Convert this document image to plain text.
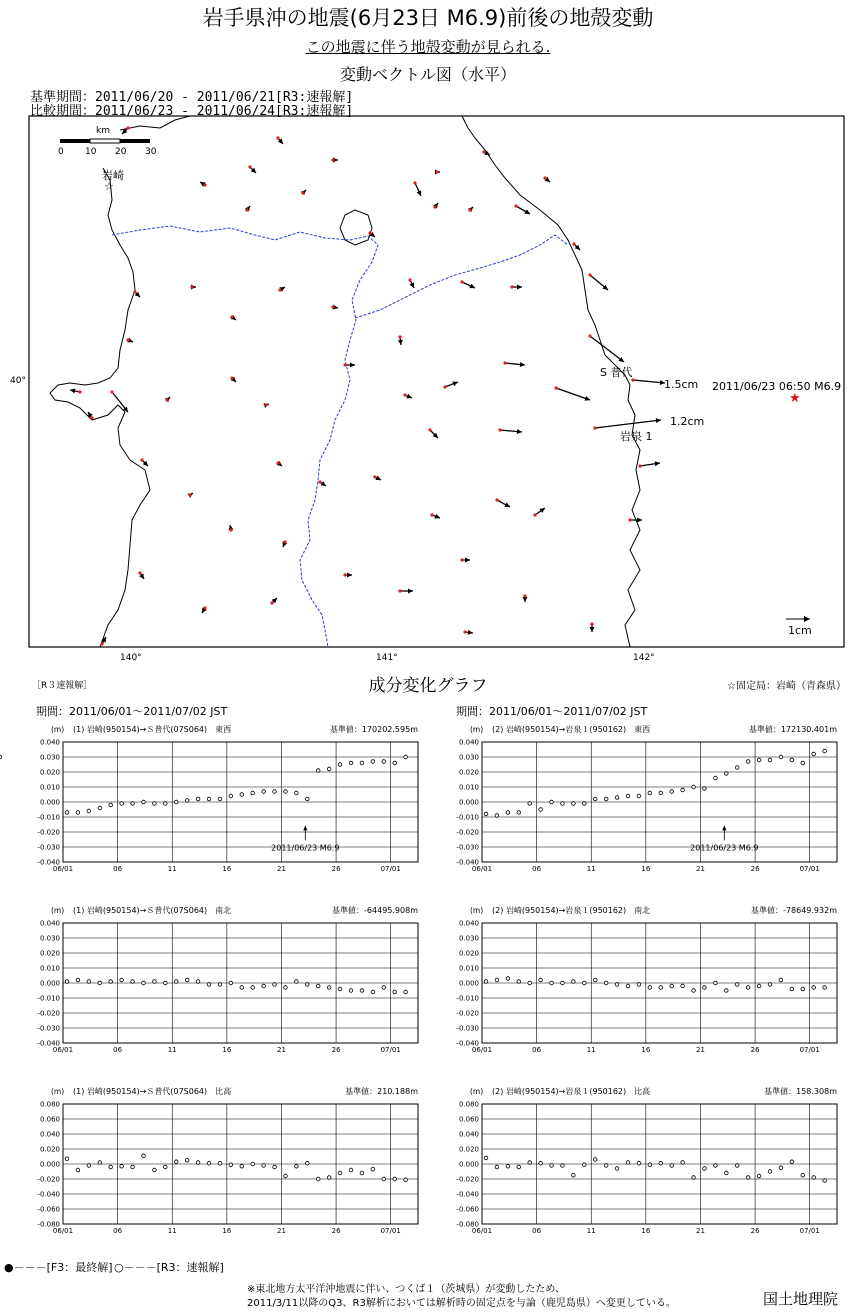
岩手県沖の地震(6月23日 M6.9)前後の地殻変動
この地震に伴う地殻変動が見られる.
変動ベクトル図（水平）
基準期間：2011/06/20 - 2011/06/21[R3:速報解]
比較期間：2011/06/23 - 2011/06/24[R3:速報解]
☆
★
km
0 10 20 30
岩崎
40°
140°	141°	142°
1cm
S 普代
1.5cm
岩泉 1
1.2cm
2011/06/23 06:50 M6.9
［R３速報解］	成分変化グラフ	☆固定局：岩崎（青森県）
期間：2011/06/01～2011/07/02 JST	期間：2011/06/01～2011/07/02 JST
(m) (1) 岩崎(950154)→Ｓ普代(07S064)　東西	基準値：170202.595m
0.040
0.030
0.020
0.010
0.000
-0.010
-0.020
-0.030
-0.040
06/01	06	11	16	21	26	07/01
2011/06/23 M6.9
(m) (2) 岩崎(950154)→岩泉１(950162)　東西	基準値：172130.401m
0.040
0.030
0.020
0.010
0.000
-0.010
-0.020
-0.030
-0.040
06/01	06	11	16	21	26	07/01
2011/06/23 M6.9
(m) (1) 岩崎(950154)→Ｓ普代(07S064)　南北	基準値：-64495.908m
0.040
0.030
0.020
0.010
0.000
-0.010
-0.020
-0.030
-0.040
06/01	06	11	16	21	26	07/01
(m) (2) 岩崎(950154)→岩泉１(950162)　南北	基準値：-78649.932m
0.040
0.030
0.020
0.010
0.000
-0.010
-0.020
-0.030
-0.040
06/01	06	11	16	21	26	07/01
(m) (1) 岩崎(950154)→Ｓ普代(07S064)　比高	基準値：210.188m
0.080
0.060
0.040
0.020
0.000
-0.020
-0.040
-0.060
-0.080
06/01	06	11	16	21	26	07/01
(m) (2) 岩崎(950154)→岩泉１(950162)　比高	基準値：158.308m
0.080
0.060
0.040
0.020
0.000
-0.020
-0.040
-0.060
-0.080
06/01	06	11	16	21	26	07/01
●－－－[F3：最終解] ○－－－[R3：速報解]
※東北地方太平洋沖地震に伴い、つくば１（茨城県）が変動したため、
2011/3/11以降のQ3、R3解析においては解析時の固定点を与論（鹿児島県）へ変更している。	国土地理院
